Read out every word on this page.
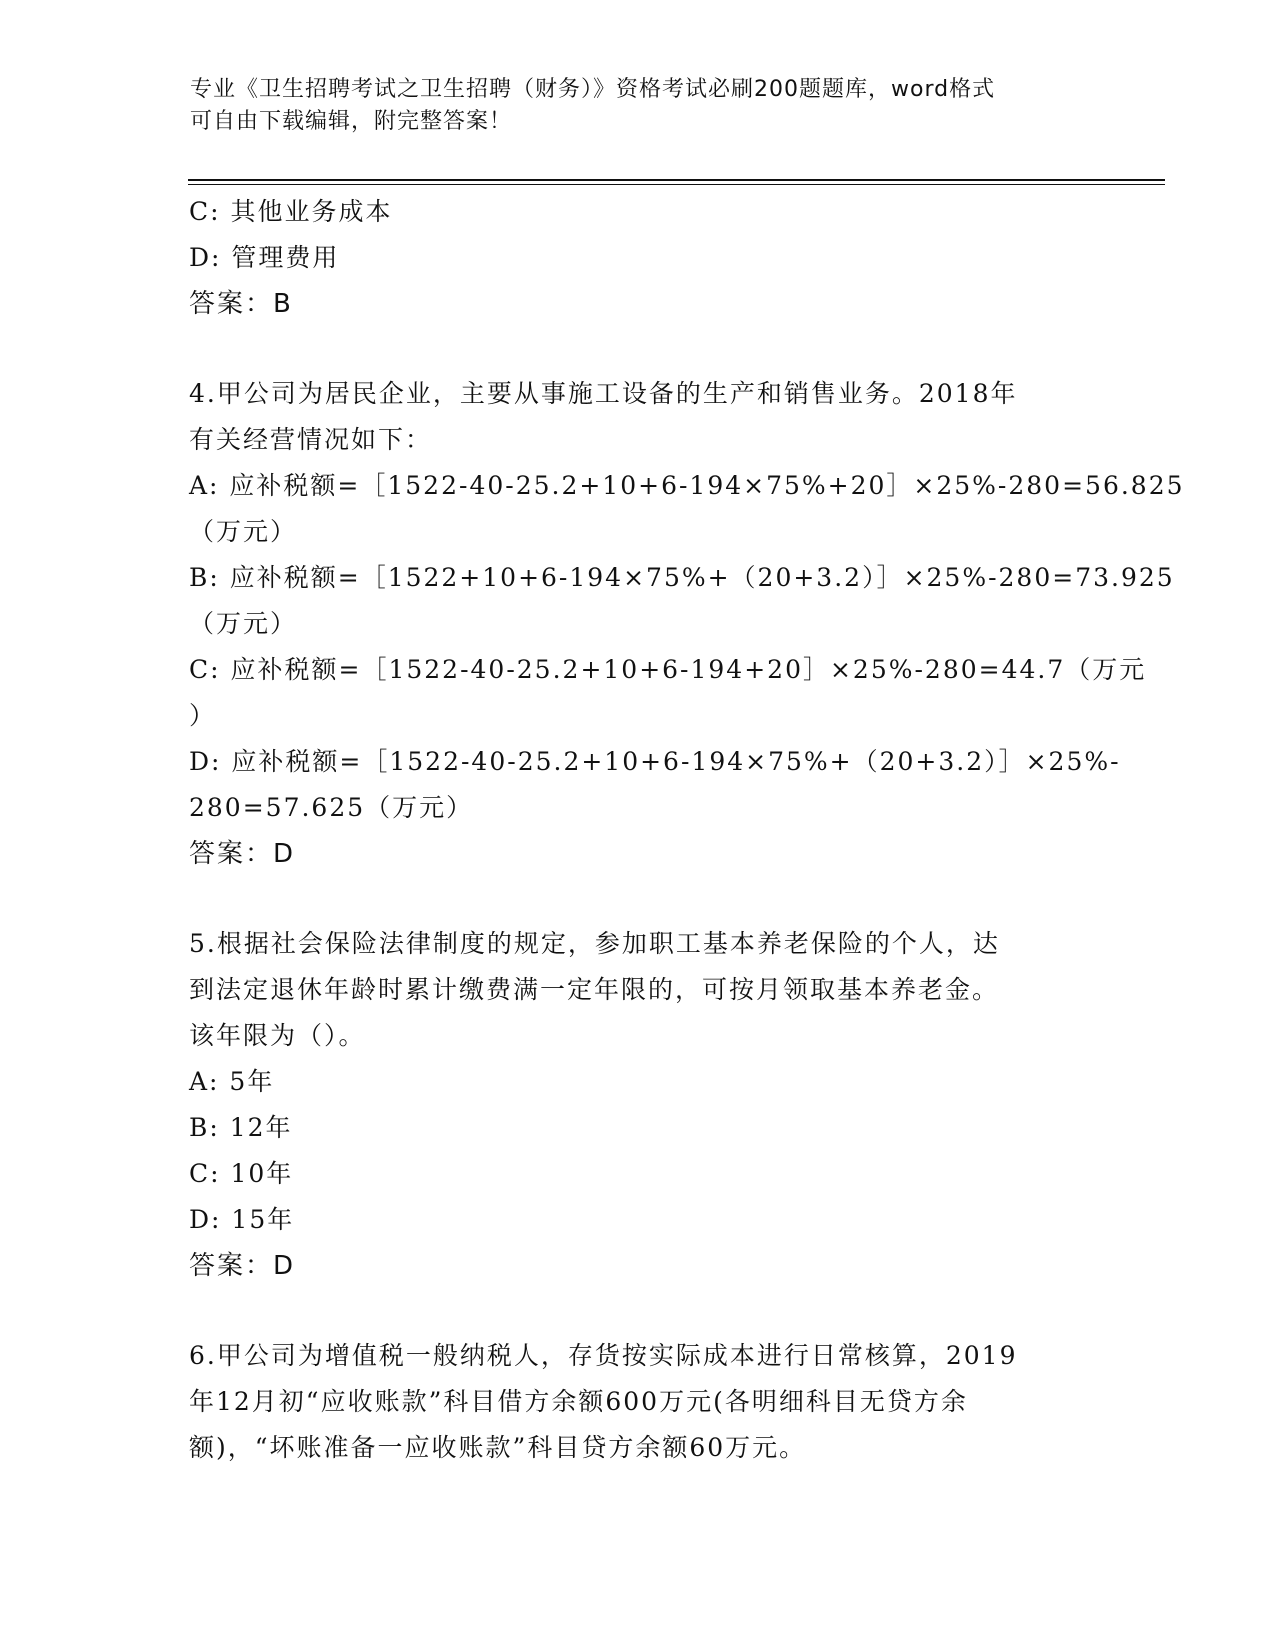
专业《卫生招聘考试之卫生招聘（财务）》资格考试必刷200题题库，word格式
可自由下载编辑，附完整答案！
C: 其他业务成本
D: 管理费用
答案：B
4.甲公司为居民企业，主要从事施工设备的生产和销售业务。2018年
有关经营情况如下：
A: 应补税额=［1522-40-25.2+10+6-194×75%+20］×25%-280=56.825
（万元）
B: 应补税额=［1522+10+6-194×75%+（20+3.2）］×25%-280=73.925
（万元）
C: 应补税额=［1522-40-25.2+10+6-194+20］×25%-280=44.7（万元
）
D: 应补税额=［1522-40-25.2+10+6-194×75%+（20+3.2）］×25%-
280=57.625（万元）
答案：D
5.根据社会保险法律制度的规定，参加职工基本养老保险的个人，达
到法定退休年龄时累计缴费满一定年限的，可按月领取基本养老金。
该年限为（）。
A: 5年
B: 12年
C: 10年
D: 15年
答案：D
6.甲公司为增值税一般纳税人，存货按实际成本进行日常核算，2019
年12月初“应收账款”科目借方余额600万元(各明细科目无贷方余
额)，“坏账准备一应收账款”科目贷方余额60万元。
